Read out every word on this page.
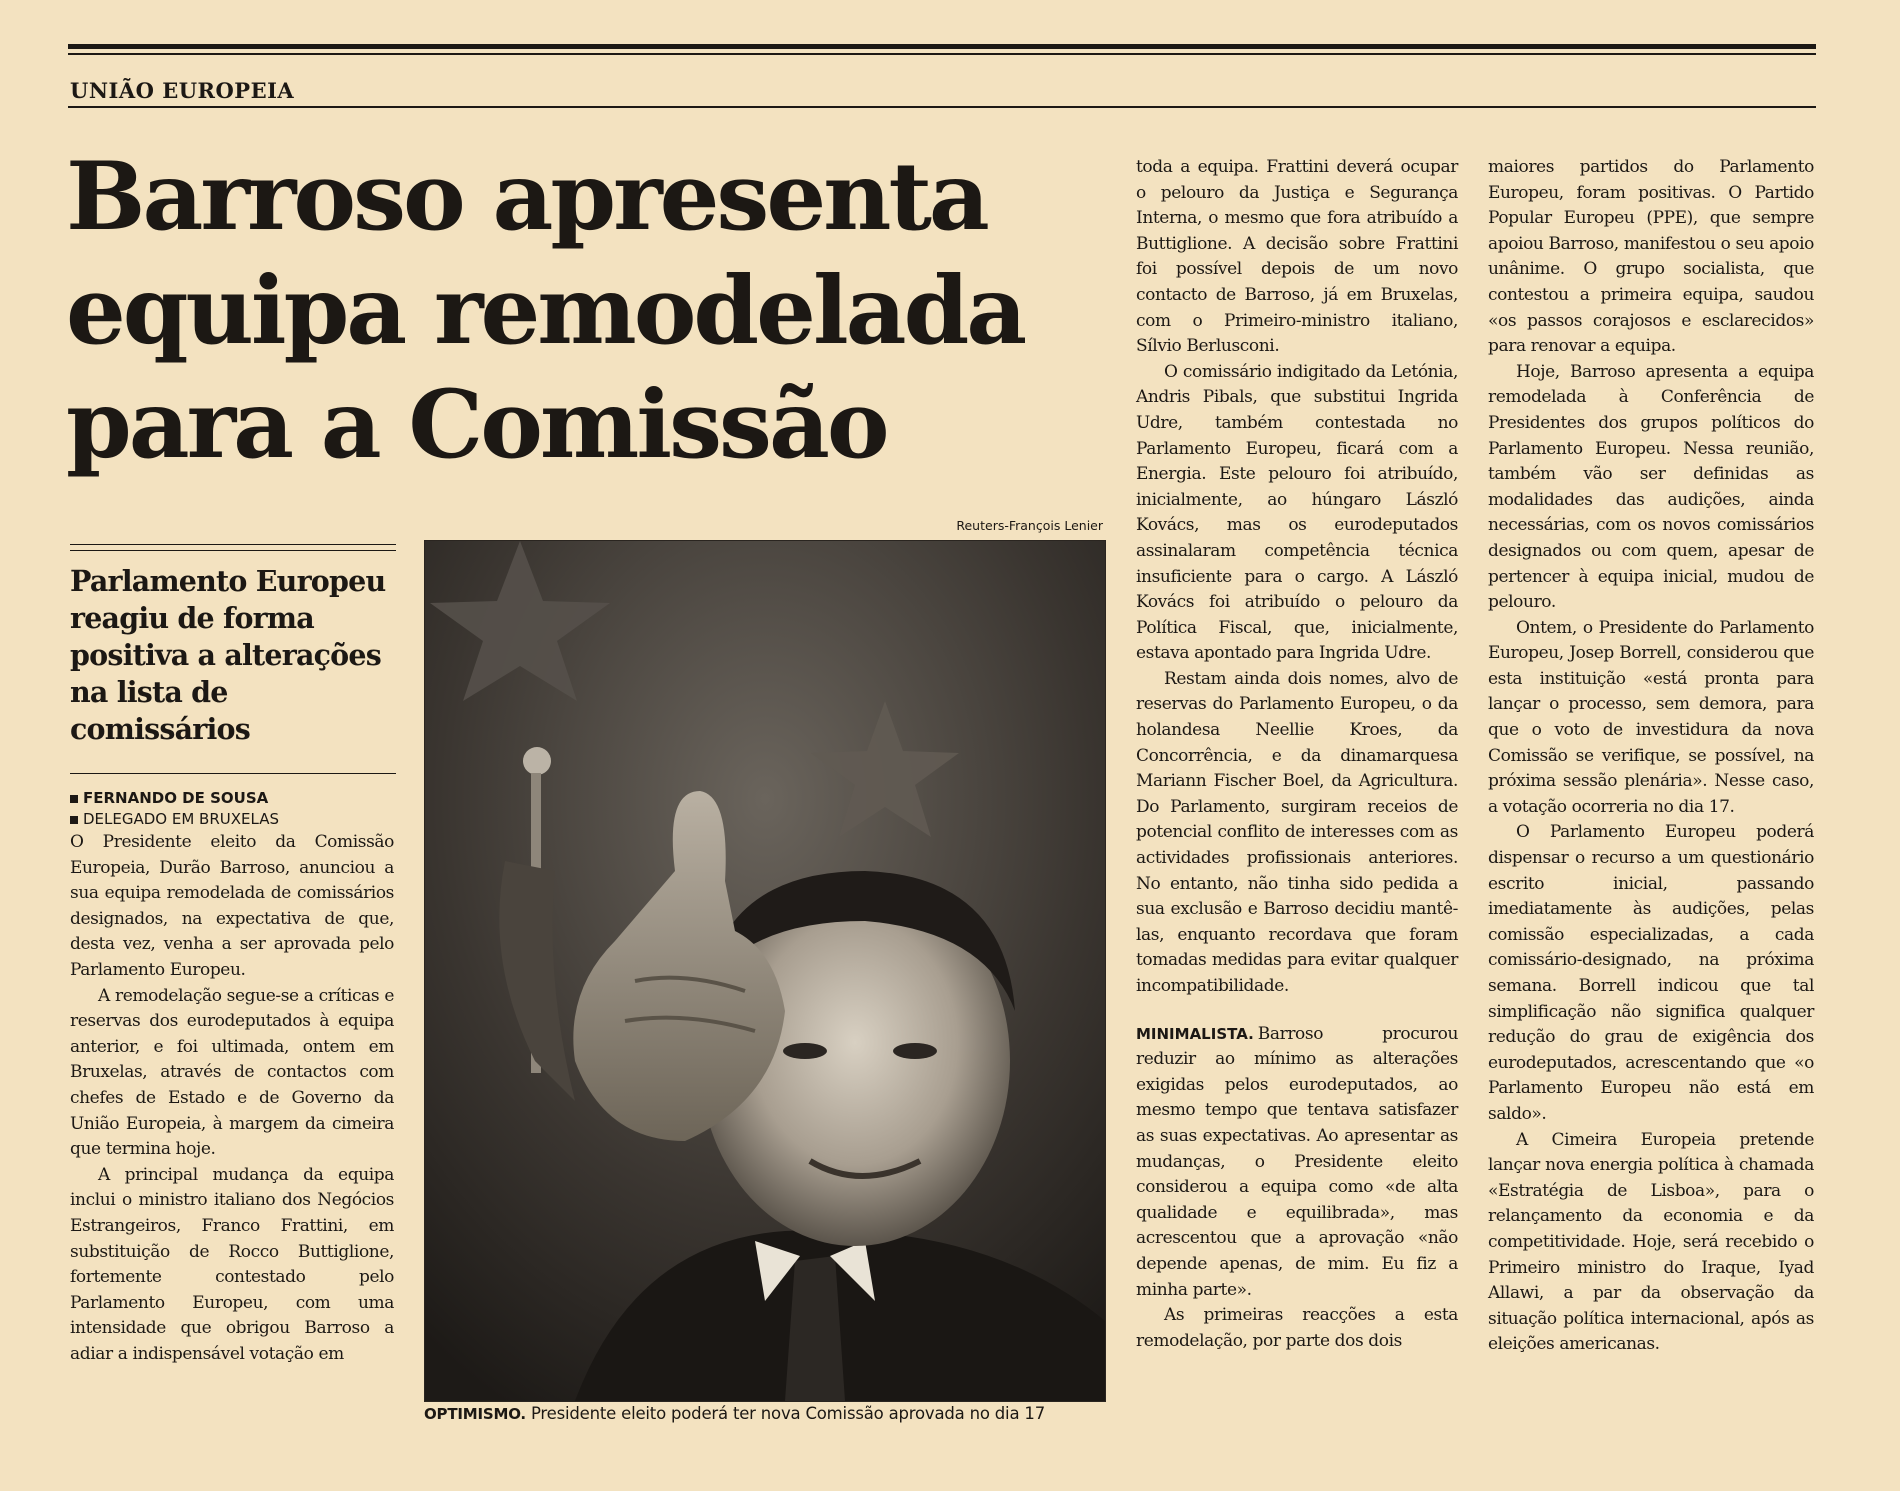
UNIÃO EUROPEIA
Barroso apresenta equipa remodelada para a Comissão
Parlamento Europeu reagiu de forma positiva a alterações na lista de comissários
FERNANDO DE SOUSA
DELEGADO EM BRUXELAS

O Presidente eleito da Comissão Europeia, Durão Barroso, anunciou a sua equipa remodelada de comissários designados, na expectativa de que, desta vez, venha a ser aprovada pelo Parlamento Europeu.

A remodelação segue-se a críticas e reservas dos eurodeputados à equipa anterior, e foi ultimada, ontem em Bruxelas, através de contactos com chefes de Estado e de Governo da União Europeia, à margem da cimeira que termina hoje.

A principal mudança da equipa inclui o ministro italiano dos Negócios Estrangeiros, Franco Frattini, em substituição de Rocco Buttiglione, fortemente contestado pelo Parlamento Europeu, com uma intensidade que obrigou Barroso a adiar a indispensável votação em

Reuters-François Lenier
OPTIMISMO. Presidente eleito poderá ter nova Comissão aprovada no dia 17

toda a equipa. Frattini deverá ocupar o pelouro da Justiça e Segurança Interna, o mesmo que fora atribuído a Buttiglione. A decisão sobre Frattini foi possível depois de um novo contacto de Barroso, já em Bruxelas, com o Primeiro-ministro italiano, Sílvio Berlusconi.

O comissário indigitado da Letónia, Andris Pibals, que substitui Ingrida Udre, também contestada no Parlamento Europeu, ficará com a Energia. Este pelouro foi atribuído, inicialmente, ao húngaro László Kovács, mas os eurodeputados assinalaram competência técnica insuficiente para o cargo. A László Kovács foi atribuído o pelouro da Política Fiscal, que, inicialmente, estava apontado para Ingrida Udre.

Restam ainda dois nomes, alvo de reservas do Parlamento Europeu, o da holandesa Neellie Kroes, da Concorrência, e da dinamarquesa Mariann Fischer Boel, da Agricultura. Do Parlamento, surgiram receios de potencial conflito de interesses com as actividades profissionais anteriores. No entanto, não tinha sido pedida a sua exclusão e Barroso decidiu mantê-las, enquanto recordava que foram tomadas medidas para evitar qualquer incompatibilidade.

MINIMALISTA. Barroso procurou reduzir ao mínimo as alterações exigidas pelos eurodeputados, ao mesmo tempo que tentava satisfazer as suas expectativas. Ao apresentar as mudanças, o Presidente eleito considerou a equipa como «de alta qualidade e equilibrada», mas acrescentou que a aprovação «não depende apenas, de mim. Eu fiz a minha parte».

As primeiras reacções a esta remodelação, por parte dos dois

maiores partidos do Parlamento Europeu, foram positivas. O Partido Popular Europeu (PPE), que sempre apoiou Barroso, manifestou o seu apoio unânime. O grupo socialista, que contestou a primeira equipa, saudou «os passos corajosos e esclarecidos» para renovar a equipa.

Hoje, Barroso apresenta a equipa remodelada à Conferência de Presidentes dos grupos políticos do Parlamento Europeu. Nessa reunião, também vão ser definidas as modalidades das audições, ainda necessárias, com os novos comissários designados ou com quem, apesar de pertencer à equipa inicial, mudou de pelouro.

Ontem, o Presidente do Parlamento Europeu, Josep Borrell, considerou que esta instituição «está pronta para lançar o processo, sem demora, para que o voto de investidura da nova Comissão se verifique, se possível, na próxima sessão plenária». Nesse caso, a votação ocorreria no dia 17.

O Parlamento Europeu poderá dispensar o recurso a um questionário escrito inicial, passando imediatamente às audições, pelas comissão especializadas, a cada comissário-designado, na próxima semana. Borrell indicou que tal simplificação não significa qualquer redução do grau de exigência dos eurodeputados, acrescentando que «o Parlamento Europeu não está em saldo».

A Cimeira Europeia pretende lançar nova energia política à chamada «Estratégia de Lisboa», para o relançamento da economia e da competitividade. Hoje, será recebido o Primeiro ministro do Iraque, Iyad Allawi, a par da observação da situação política internacional, após as eleições americanas.
